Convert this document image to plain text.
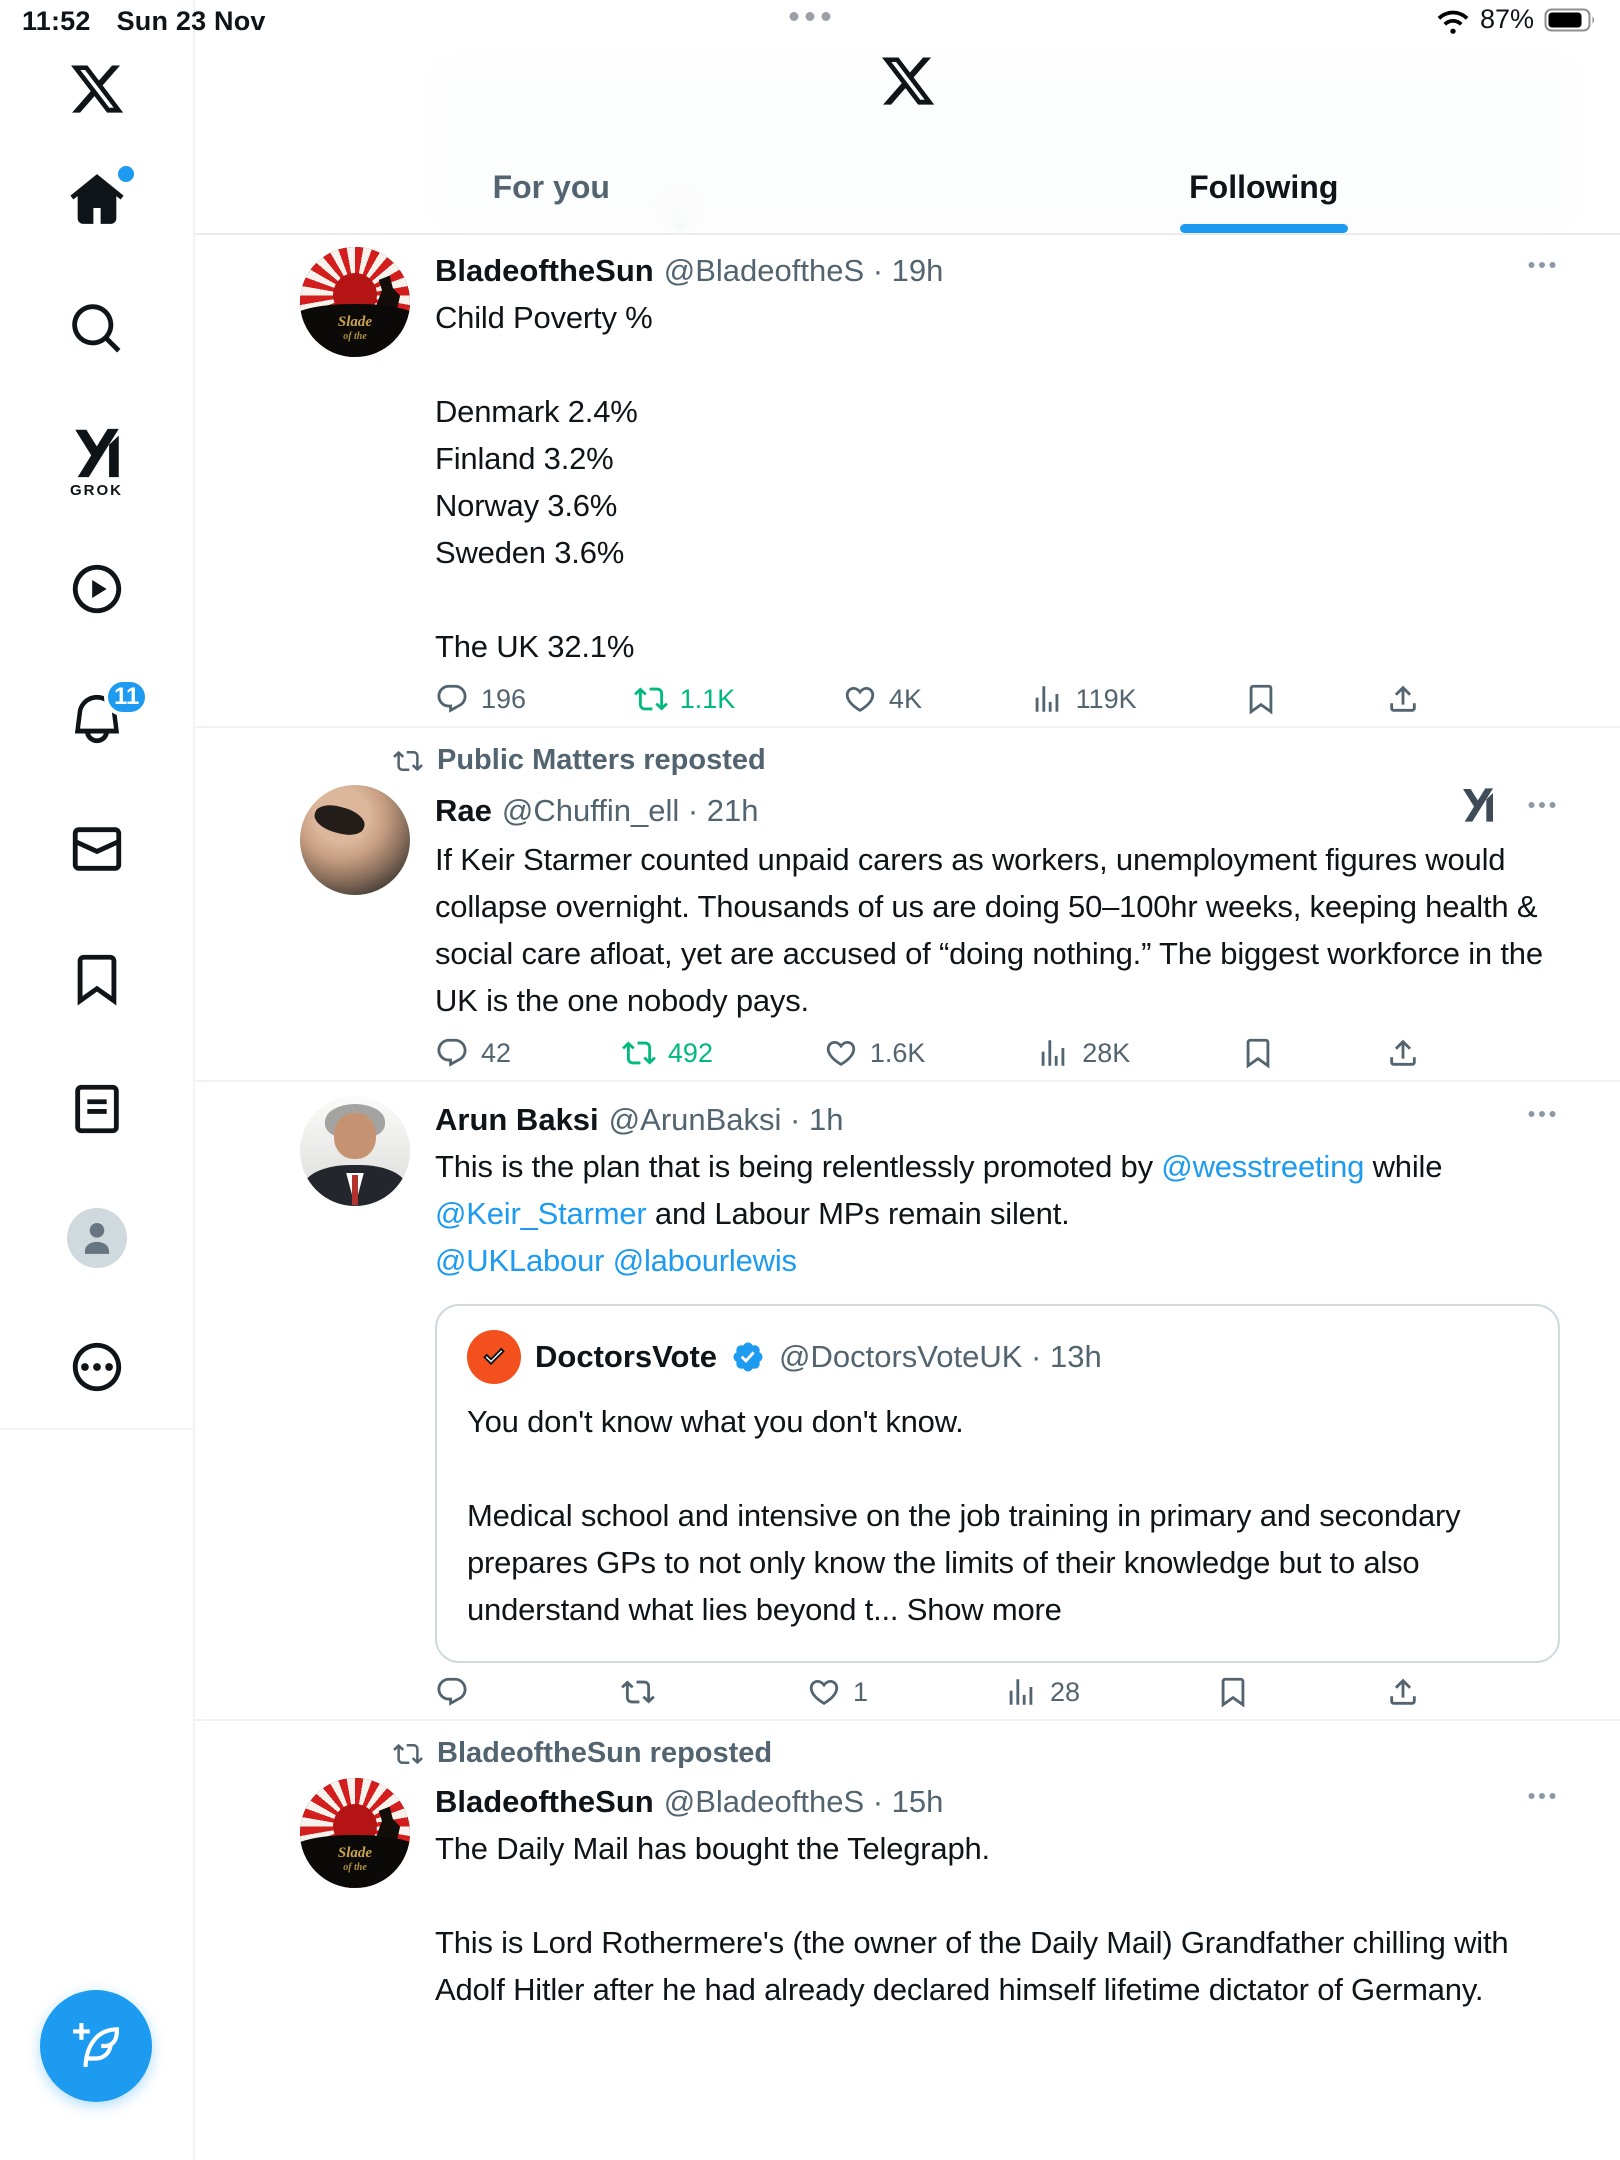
11:52 Sun 23 Nov	87%
GROK
11
For you	Following
Slade
of the
BladeoftheSun @BladeoftheS · 19h
Child Poverty %
Denmark 2.4%
Finland 3.2%
Norway 3.6%
Sweden 3.6%
The UK 32.1%
196	1.1K	4K	119K
Public Matters reposted
Rae @Chuffin_ell · 21h
If Keir Starmer counted unpaid carers as workers, unemployment figures would collapse overnight. Thousands of us are doing 50–100hr weeks, keeping health & social care afloat, yet are accused of “doing nothing.” The biggest workforce in the UK is the one nobody pays.
42	492	1.6K	28K
Arun Baksi @ArunBaksi · 1h
This is the plan that is being relentlessly promoted by @wesstreeting while @Keir_Starmer and Labour MPs remain silent.
@UKLabour @labourlewis
DoctorsVote @DoctorsVoteUK · 13h
You don't know what you don't know.
Medical school and intensive on the job training in primary and secondary prepares GPs to not only know the limits of their knowledge but to also understand what lies beyond t... Show more
1	28
BladeoftheSun reposted
Slade
of the
BladeoftheSun @BladeoftheS · 15h
The Daily Mail has bought the Telegraph.
This is Lord Rothermere's (the owner of the Daily Mail) Grandfather chilling with Adolf Hitler after he had already declared himself lifetime dictator of Germany.
